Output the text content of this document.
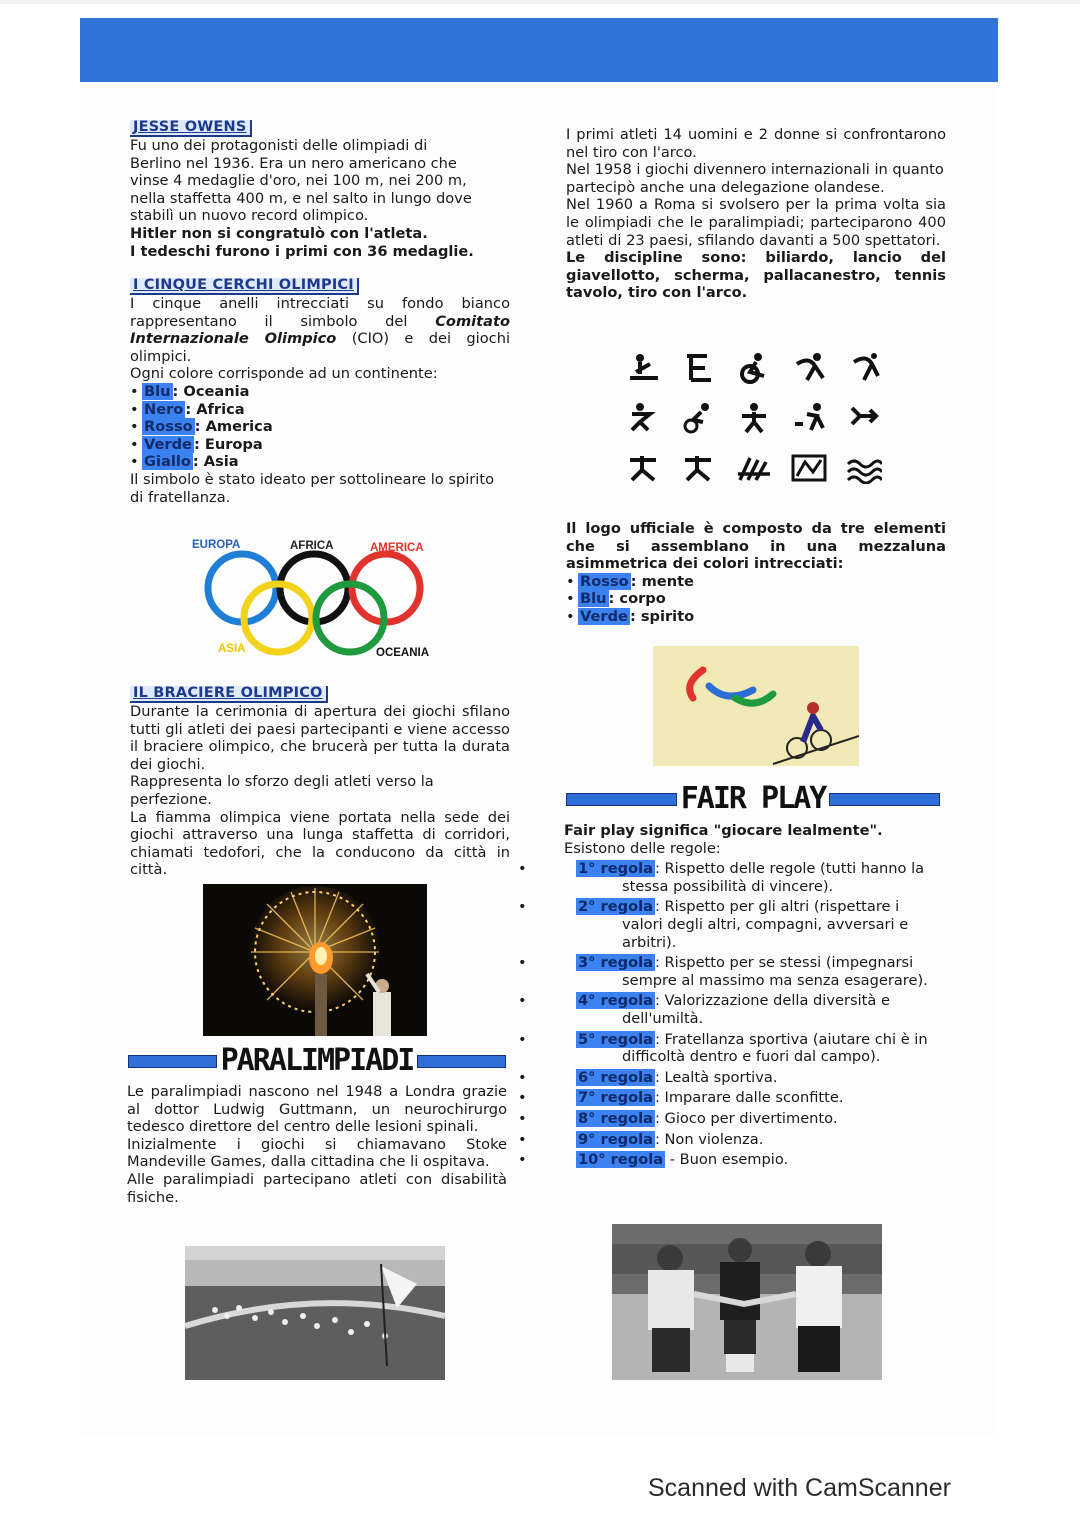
JESSE OWENS

Fu uno dei protagonisti delle olimpiadi di

Berlino nel 1936. Era un nero americano che

vinse 4 medaglie d'oro, nei 100 m, nei 200 m,

nella staffetta 400 m, e nel salto in lungo dove

stabilì un nuovo record olimpico.

Hitler non si congratulò con l'atleta.

I tedeschi furono i primi con 36 medaglie.

I CINQUE CERCHI OLIMPICI

I cinque anelli intrecciati su fondo bianco rappresentano il simbolo del Comitato Internazionale Olimpico (CIO) e dei giochi olimpici.

Ogni colore corrisponde ad un continente:

• Blu : Oceania
• Nero : Africa
• Rosso : America
• Verde : Europa
• Giallo : Asia

Il simbolo è stato ideato per sottolineare lo spirito di fratellanza.

EUROPA	AFRICA	AMERICA
ASIA	OCEANIA
IL BRACIERE OLIMPICO

Durante la cerimonia di apertura dei giochi sfilano tutti gli atleti dei paesi partecipanti e viene accesso il braciere olimpico, che brucerà per tutta la durata dei giochi.

Rappresenta lo sforzo degli atleti verso la perfezione.

La fiamma olimpica viene portata nella sede dei giochi attraverso una lunga staffetta di corridori, chiamati tedofori, che la conducono da città in città.

PARALIMPIADI

Le paralimpiadi nascono nel 1948 a Londra grazie al dottor Ludwig Guttmann, un neurochirurgo tedesco direttore del centro delle lesioni spinali.

Inizialmente i giochi si chiamavano Stoke Mandeville Games, dalla cittadina che li ospitava.

Alle paralimpiadi partecipano atleti con disabilità fisiche.

I primi atleti 14 uomini e 2 donne si confrontarono nel tiro con l'arco.

Nel 1958 i giochi divennero internazionali in quanto partecipò anche una delegazione olandese.

Nel 1960 a Roma si svolsero per la prima volta sia le olimpiadi che le paralimpiadi; parteciparono 400 atleti di 23 paesi, sfilando davanti a 500 spettatori.

Le discipline sono: biliardo, lancio del giavellotto, scherma, pallacanestro, tennis tavolo, tiro con l'arco.

Il logo ufficiale è composto da tre elementi che si assemblano in una mezzaluna asimmetrica dei colori intrecciati:

• Rosso : mente
• Blu : corpo
• Verde : spirito
FAIR PLAY

Fair play significa "giocare lealmente".

Esistono delle regole:

• 1° regola : Rispetto delle regole (tutti hanno la stessa possibilità di vincere).
• 2° regola : Rispetto per gli altri (rispettare i valori degli altri, compagni, avversari e arbitri).
• 3° regola : Rispetto per se stessi (impegnarsi sempre al massimo ma senza esagerare).
• 4° regola : Valorizzazione della diversità e dell'umiltà.
• 5° regola : Fratellanza sportiva (aiutare chi è in difficoltà dentro e fuori dal campo).
• 6° regola : Lealtà sportiva.
• 7° regola : Imparare dalle sconfitte.
• 8° regola : Gioco per divertimento.
• 9° regola : Non violenza.
• 10° regola - Buon esempio.
Scanned with CamScanner
